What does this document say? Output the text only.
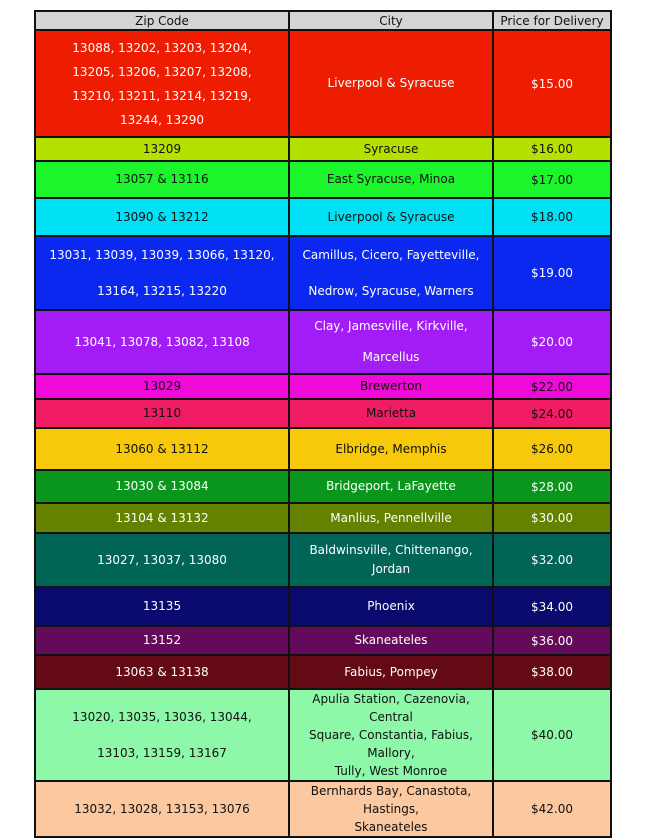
Zip Code	City	Price for Delivery

13088, 13202, 13203, 13204,
13205, 13206, 13207, 13208,
13210, 13211, 13214, 13219,
13244, 13290	Liverpool & Syracuse	$15.00

13209	Syracuse	$16.00

13057 & 13116	East Syracuse, Minoa	$17.00

13090 & 13212	Liverpool & Syracuse	$18.00

13031, 13039, 13039, 13066, 13120,
13164, 13215, 13220	Camillus, Cicero, Fayetteville,
Nedrow, Syracuse, Warners	$19.00

13041, 13078, 13082, 13108	Clay, Jamesville, Kirkville,
Marcellus	$20.00

13029	Brewerton	$22.00

13110	Marietta	$24.00

13060 & 13112	Elbridge, Memphis	$26.00

13030 & 13084	Bridgeport, LaFayette	$28.00

13104 & 13132	Manlius, Pennellville	$30.00

13027, 13037, 13080	Baldwinsville, Chittenango, Jordan	$32.00

13135	Phoenix	$34.00

13152	Skaneateles	$36.00

13063 & 13138	Fabius, Pompey	$38.00

13020, 13035, 13036, 13044,
13103, 13159, 13167	Apulia Station, Cazenovia, Central
Square, Constantia, Fabius, Mallory,
Tully, West Monroe	$40.00

13032, 13028, 13153, 13076	Bernhards Bay, Canastota, Hastings,
Skaneateles	$42.00
